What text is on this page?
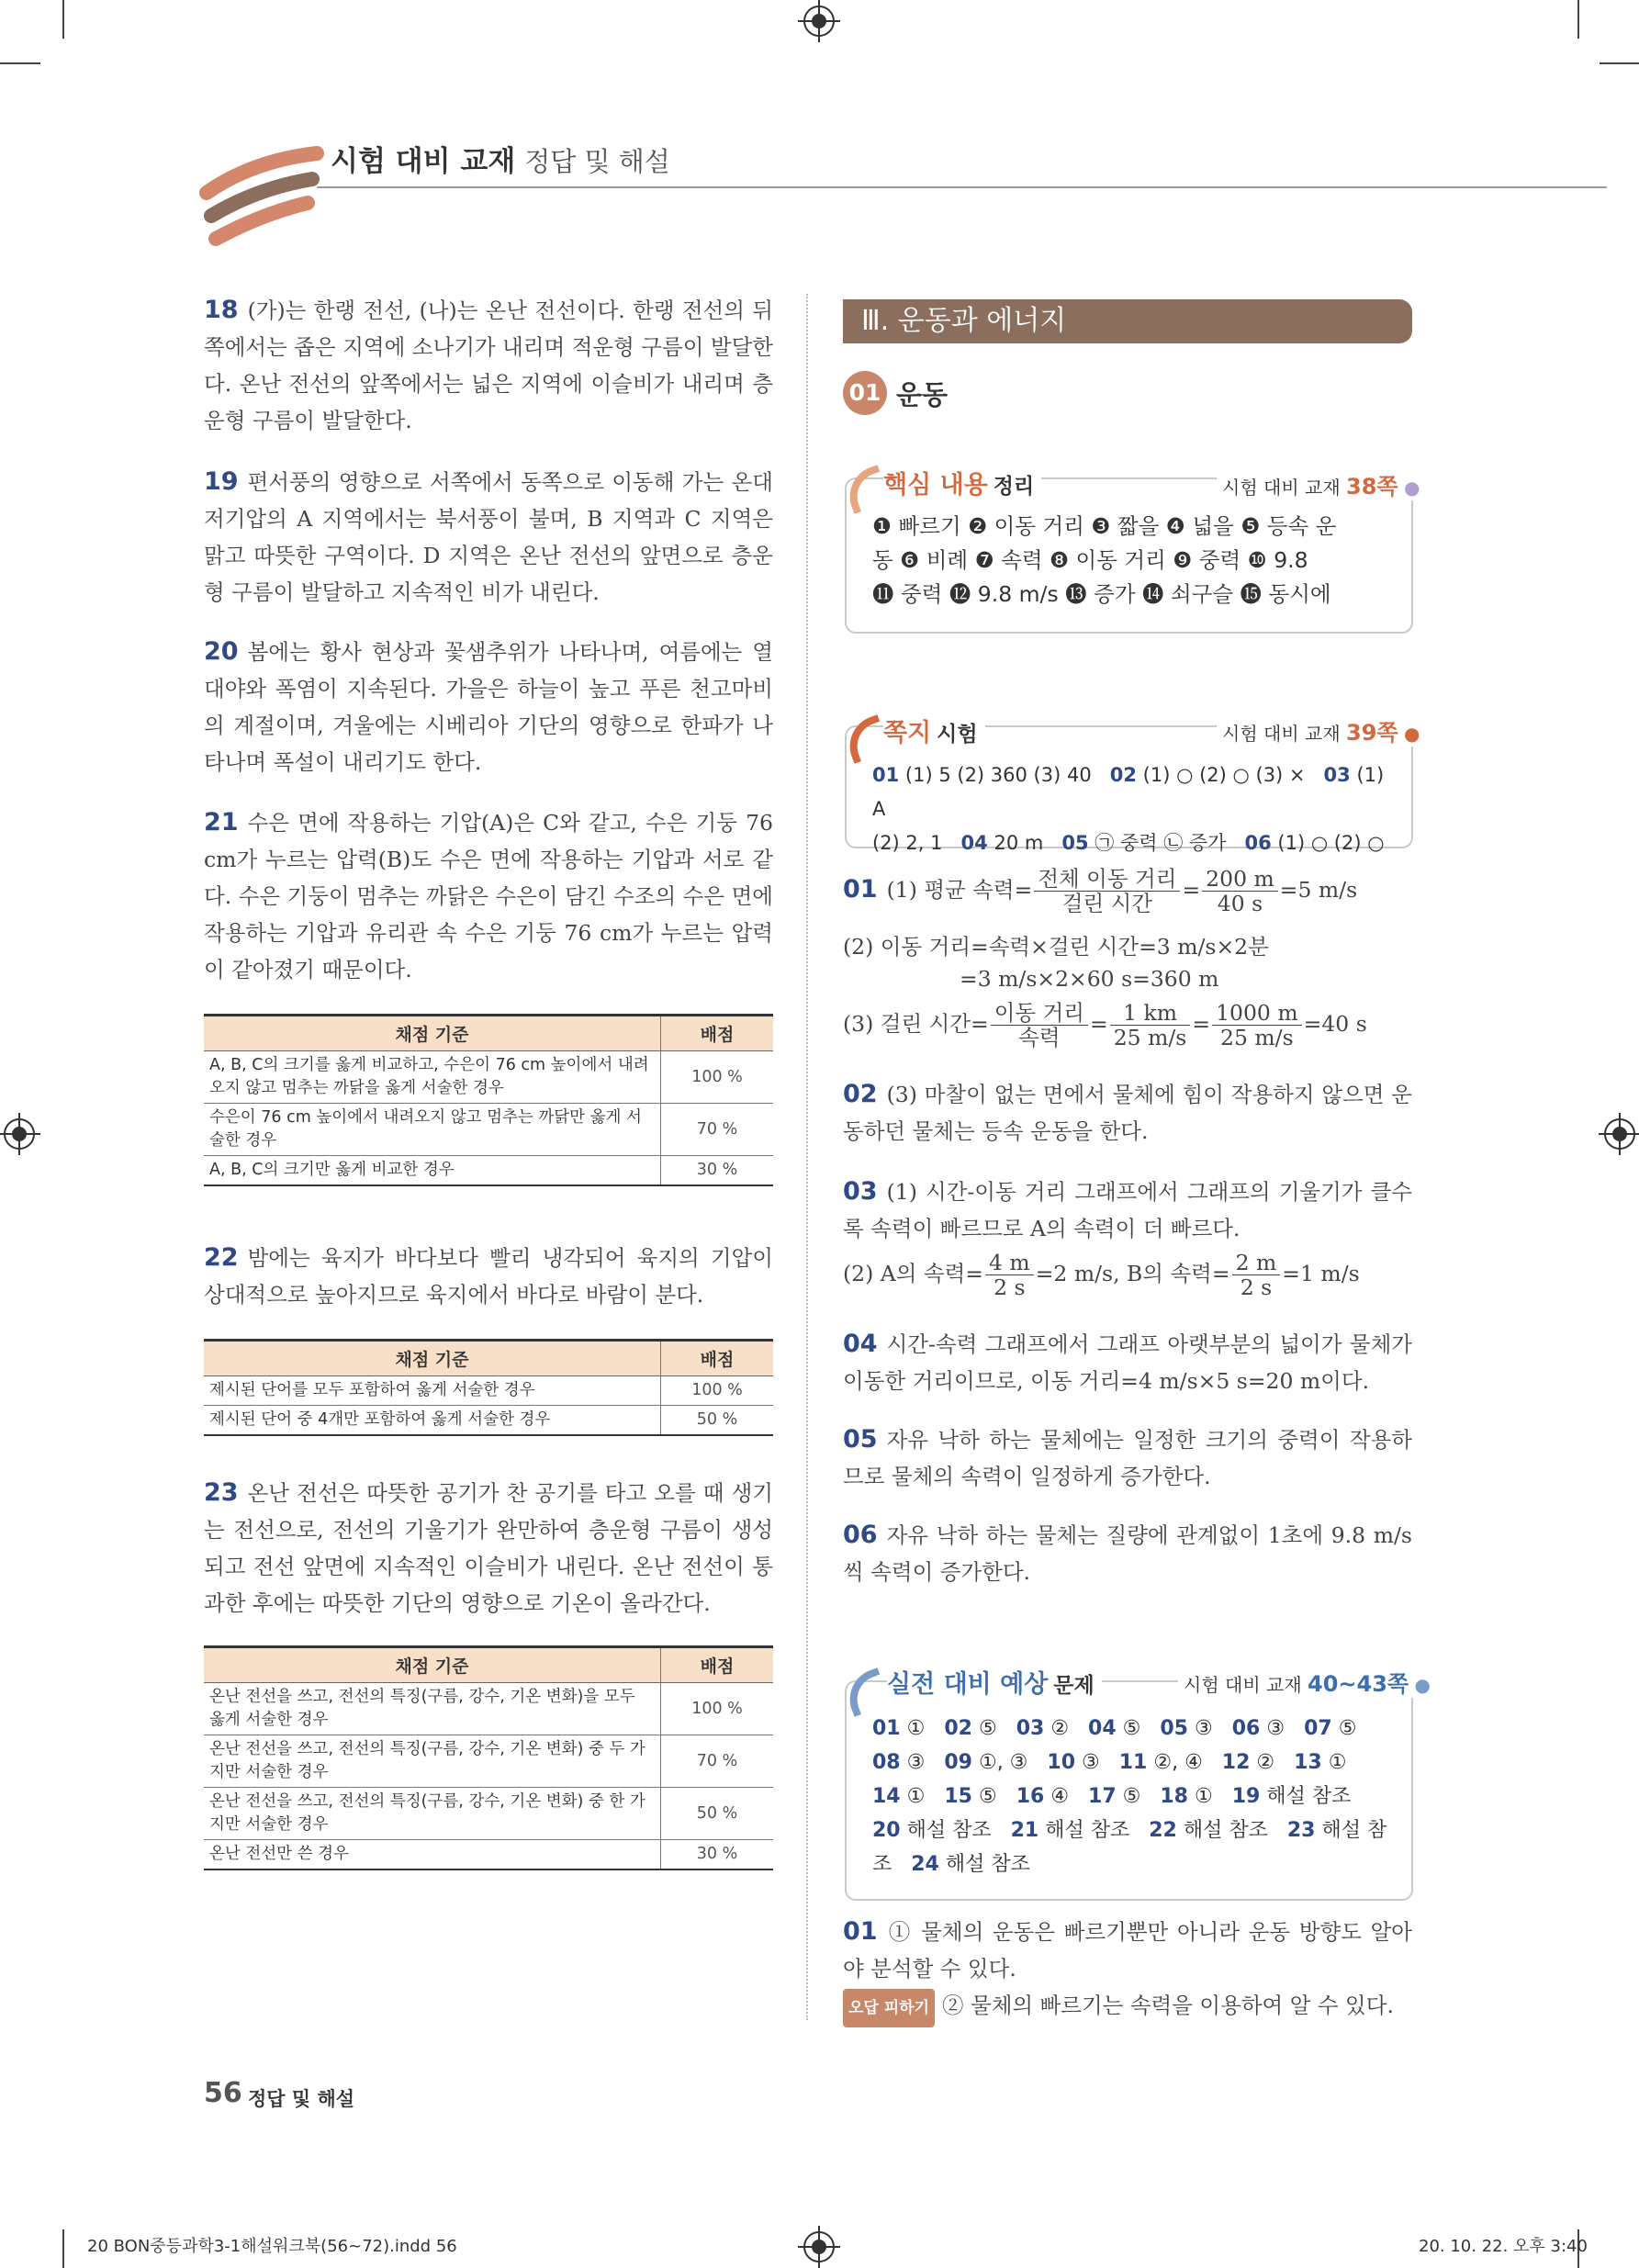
시험 대비 교재 정답 및 해설
18 (가)는 한랭 전선, (나)는 온난 전선이다. 한랭 전선의 뒤쪽에서는 좁은 지역에 소나기가 내리며 적운형 구름이 발달한다. 온난 전선의 앞쪽에서는 넓은 지역에 이슬비가 내리며 층운형 구름이 발달한다.
19 편서풍의 영향으로 서쪽에서 동쪽으로 이동해 가는 온대 저기압의 A 지역에서는 북서풍이 불며, B 지역과 C 지역은 맑고 따뜻한 구역이다. D 지역은 온난 전선의 앞면으로 층운형 구름이 발달하고 지속적인 비가 내린다.
20 봄에는 황사 현상과 꽃샘추위가 나타나며, 여름에는 열대야와 폭염이 지속된다. 가을은 하늘이 높고 푸른 천고마비의 계절이며, 겨울에는 시베리아 기단의 영향으로 한파가 나타나며 폭설이 내리기도 한다.
21 수은 면에 작용하는 기압(A)은 C와 같고, 수은 기둥 76 cm가 누르는 압력(B)도 수은 면에 작용하는 기압과 서로 같다. 수은 기둥이 멈추는 까닭은 수은이 담긴 수조의 수은 면에 작용하는 기압과 유리관 속 수은 기둥 76 cm가 누르는 압력이 같아졌기 때문이다.
채점 기준	배점
A, B, C의 크기를 옳게 비교하고, 수은이 76 cm 높이에서 내려오지 않고 멈추는 까닭을 옳게 서술한 경우	100 %
수은이 76 cm 높이에서 내려오지 않고 멈추는 까닭만 옳게 서술한 경우	70 %
A, B, C의 크기만 옳게 비교한 경우	30 %
22 밤에는 육지가 바다보다 빨리 냉각되어 육지의 기압이 상대적으로 높아지므로 육지에서 바다로 바람이 분다.
채점 기준	배점
제시된 단어를 모두 포함하여 옳게 서술한 경우	100 %
제시된 단어 중 4개만 포함하여 옳게 서술한 경우	50 %
23 온난 전선은 따뜻한 공기가 찬 공기를 타고 오를 때 생기는 전선으로, 전선의 기울기가 완만하여 층운형 구름이 생성되고 전선 앞면에 지속적인 이슬비가 내린다. 온난 전선이 통과한 후에는 따뜻한 기단의 영향으로 기온이 올라간다.
채점 기준	배점
온난 전선을 쓰고, 전선의 특징(구름, 강수, 기온 변화)을 모두 옳게 서술한 경우	100 %
온난 전선을 쓰고, 전선의 특징(구름, 강수, 기온 변화) 중 두 가지만 서술한 경우	70 %
온난 전선을 쓰고, 전선의 특징(구름, 강수, 기온 변화) 중 한 가지만 서술한 경우	50 %
온난 전선만 쓴 경우	30 %
Ⅲ. 운동과 에너지
01 운동
핵심 내용 정리	시험 대비 교재 38쪽 ●
❶ 빠르기 ❷ 이동 거리 ❸ 짧을 ❹ 넓을 ❺ 등속 운
동 ❻ 비례 ❼ 속력 ❽ 이동 거리 ❾ 중력 ❿ 9.8
⓫ 중력 ⓬ 9.8 m/s ⓭ 증가 ⓮ 쇠구슬 ⓯ 동시에
쪽지 시험	시험 대비 교재 39쪽 ●
01 (1) 5 (2) 360 (3) 40 02 (1) ○ (2) ○ (3) × 03 (1) A
(2) 2, 1 04 20 m 05 ㉠ 중력 ㉡ 증가 06 (1) ○ (2) ○
01 (1) 평균 속력= $\frac{\text{전체 이동 거리}}{\text{걸린 시간}} = \frac{200 m}{40 s} =5$ m/s
(2) 이동 거리=속력×걸린 시간=3 m/s×2분
=3 m/s×2×60 s=360 m
(3) 걸린 시간= $\frac{\text{이동 거리}}{\text{속력}} = \frac{1 km}{25 m/s} = \frac{1000 m}{25 m/s} =40$ s
02 (3) 마찰이 없는 면에서 물체에 힘이 작용하지 않으면 운동하던 물체는 등속 운동을 한다.
03 (1) 시간-이동 거리 그래프에서 그래프의 기울기가 클수록 속력이 빠르므로 A의 속력이 더 빠르다.
(2) A의 속력= $\frac{4 m}{2 s} =2$ m/s, B의 속력= $\frac{2 m}{2 s} =1$ m/s
04 시간-속력 그래프에서 그래프 아랫부분의 넓이가 물체가 이동한 거리이므로, 이동 거리=4 m/s×5 s=20 m이다.
05 자유 낙하 하는 물체에는 일정한 크기의 중력이 작용하므로 물체의 속력이 일정하게 증가한다.
06 자유 낙하 하는 물체는 질량에 관계없이 1초에 9.8 m/s씩 속력이 증가한다.
실전 대비 예상 문제	시험 대비 교재 40~43쪽 ●
01 ① 02 ⑤ 03 ② 04 ⑤ 05 ③ 06 ③ 07 ⑤
08 ③ 09 ①, ③ 10 ③ 11 ②, ④ 12 ② 13 ①
14 ① 15 ⑤ 16 ④ 17 ⑤ 18 ① 19 해설 참조
20 해설 참조 21 해설 참조 22 해설 참조 23 해설 참
조 24 해설 참조
01 ① 물체의 운동은 빠르기뿐만 아니라 운동 방향도 알아야 분석할 수 있다.
오답 피하기 ② 물체의 빠르기는 속력을 이용하여 알 수 있다.
56 정답 및 해설
20 BON중등과학3-1해설워크북(56~72).indd 56	20. 10. 22. 오후 3:40
